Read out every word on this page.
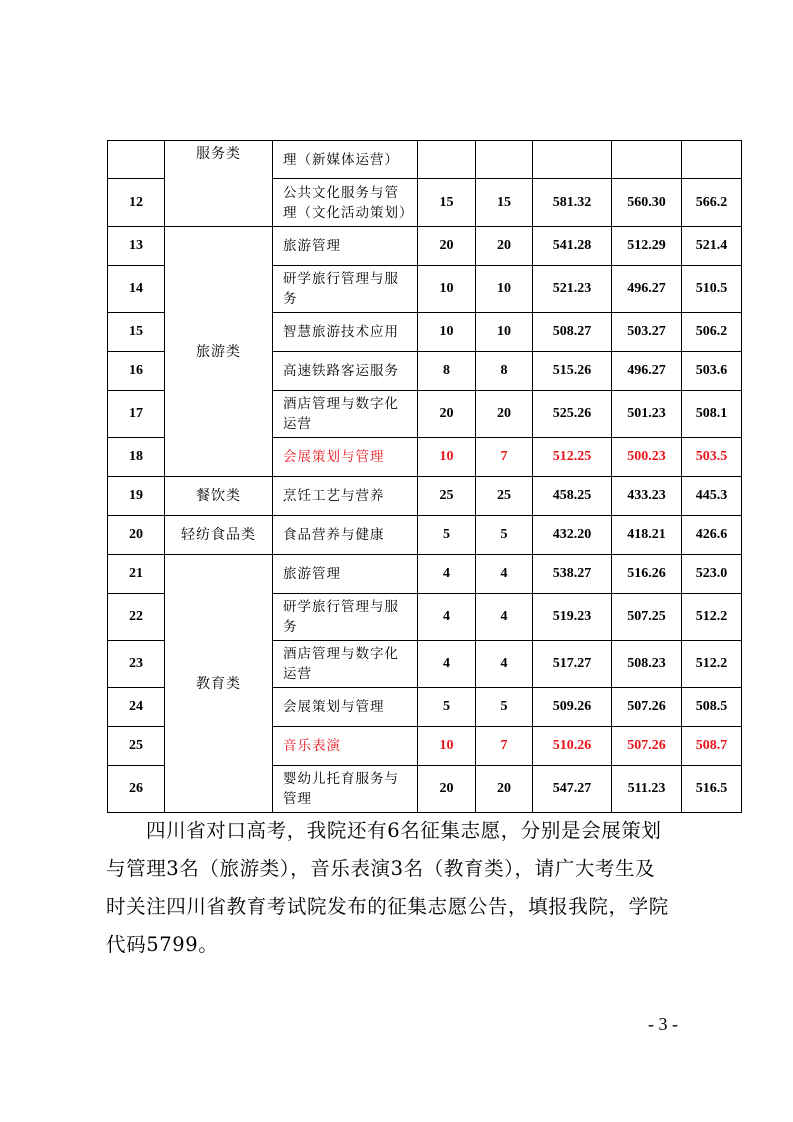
	服务类	理（新媒体运营）					
12		公共文化服务与管理（文化活动策划）	15	15	581.32	560.30	566.2
13	旅游类	旅游管理	20	20	541.28	512.29	521.4
14		研学旅行管理与服务	10	10	521.23	496.27	510.5
15		智慧旅游技术应用	10	10	508.27	503.27	506.2
16		高速铁路客运服务	8	8	515.26	496.27	503.6
17		酒店管理与数字化运营	20	20	525.26	501.23	508.1
18		会展策划与管理	10	7	512.25	500.23	503.5
19	餐饮类	烹饪工艺与营养	25	25	458.25	433.23	445.3
20	轻纺食品类	食品营养与健康	5	5	432.20	418.21	426.6
21	教育类	旅游管理	4	4	538.27	516.26	523.0
22		研学旅行管理与服务	4	4	519.23	507.25	512.2
23		酒店管理与数字化运营	4	4	517.27	508.23	512.2
24		会展策划与管理	5	5	509.26	507.26	508.5
25		音乐表演	10	7	510.26	507.26	508.7
26		婴幼儿托育服务与管理	20	20	547.27	511.23	516.5
四川省对口高考，我院还有6名征集志愿，分别是会展策划
与管理3名（旅游类），音乐表演3名（教育类），请广大考生及
时关注四川省教育考试院发布的征集志愿公告，填报我院，学院
代码5799。
- 3 -
